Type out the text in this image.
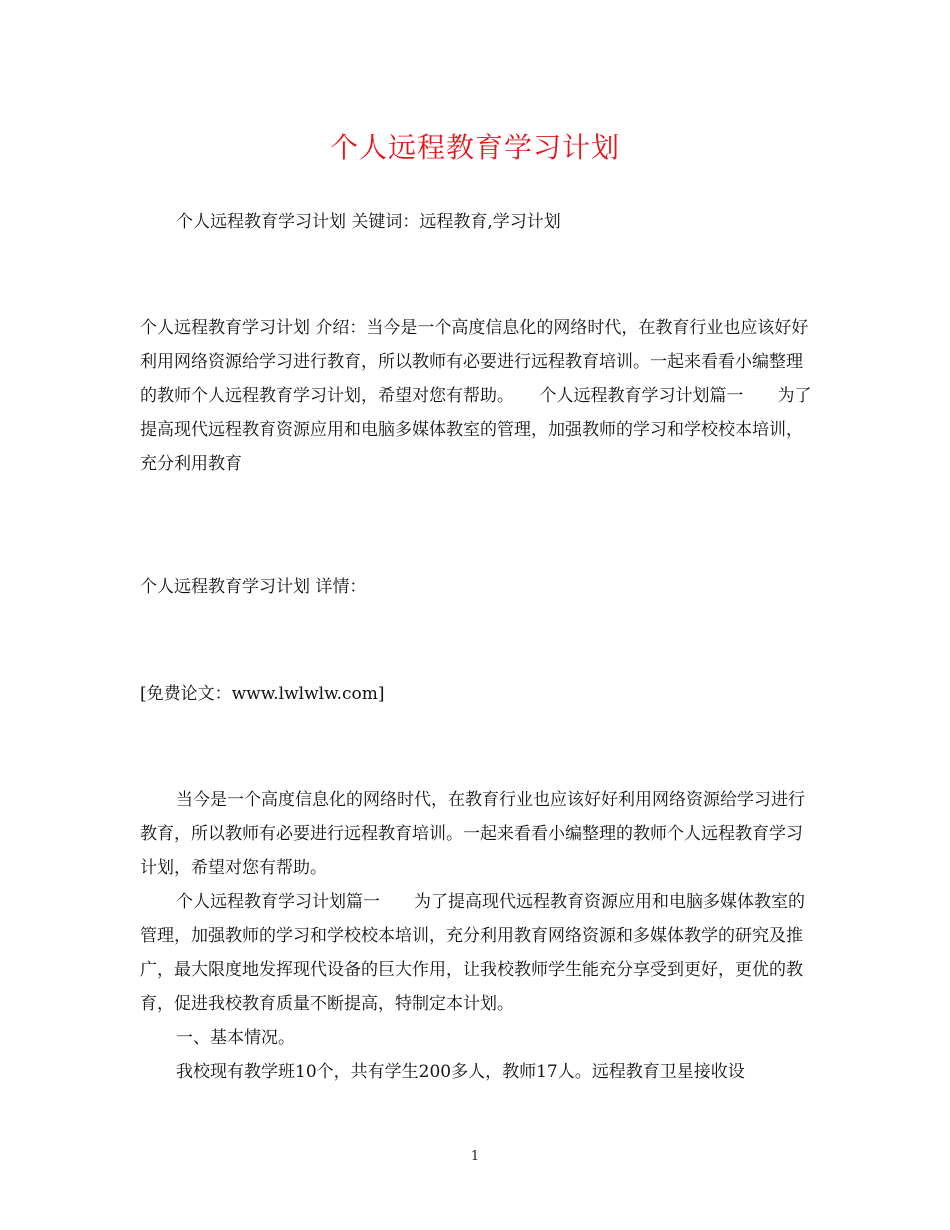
个人远程教育学习计划

个人远程教育学习计划 关键词：远程教育,学习计划

个人远程教育学习计划 介绍：当今是一个高度信息化的网络时代，在教育行业也应该好好利用网络资源给学习进行教育，所以教师有必要进行远程教育培训。一起来看看小编整理的教师个人远程教育学习计划，希望对您有帮助。　　个人远程教育学习计划篇一　　为了提高现代远程教育资源应用和电脑多媒体教室的管理，加强教师的学习和学校校本培训，充分利用教育

个人远程教育学习计划 详情：

[免费论文：www.lwlwlw.com]

当今是一个高度信息化的网络时代，在教育行业也应该好好利用网络资源给学习进行教育，所以教师有必要进行远程教育培训。一起来看看小编整理的教师个人远程教育学习计划，希望对您有帮助。

个人远程教育学习计划篇一　　为了提高现代远程教育资源应用和电脑多媒体教室的管理，加强教师的学习和学校校本培训，充分利用教育网络资源和多媒体教学的研究及推广，最大限度地发挥现代设备的巨大作用，让我校教师学生能充分享受到更好，更优的教育，促进我校教育质量不断提高，特制定本计划。

一、基本情况。

我校现有教学班10个，共有学生200多人，教师17人。远程教育卫星接收设

1
